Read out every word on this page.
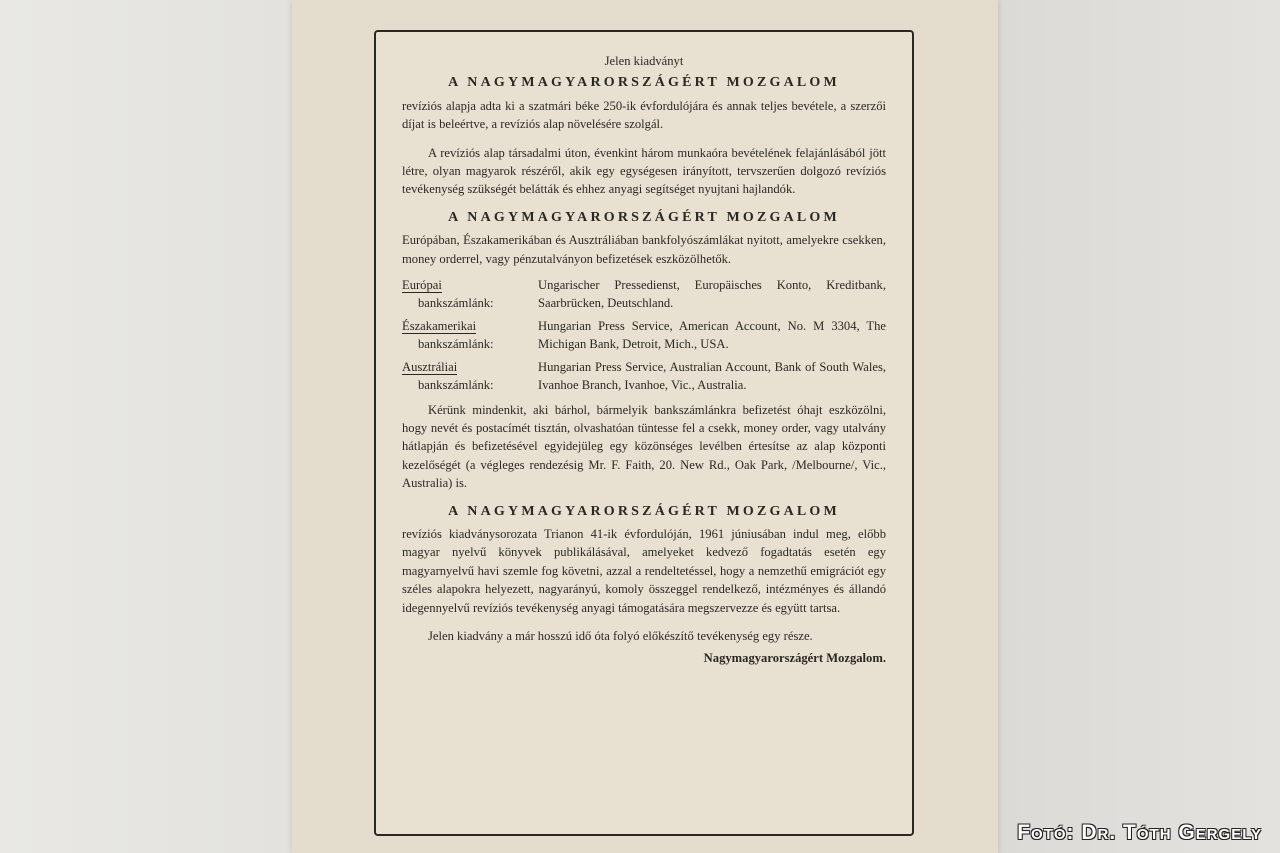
Jelen kiadványt
A NAGYMAGYARORSZÁGÉRT MOZGALOM

revíziós alapja adta ki a szatmári béke 250-ik évfordulójára és annak teljes bevétele, a szerzői díjat is beleértve, a revíziós alap növelésére szolgál.

A revíziós alap társadalmi úton, évenkint három munkaóra bevételének felajánlásából jött létre, olyan magyarok részéről, akik egy egységesen irányított, tervszerűen dolgozó revíziós tevékenység szükségét belátták és ehhez anyagi segítséget nyujtani hajlandók.

A NAGYMAGYARORSZÁGÉRT MOZGALOM

Európában, Északamerikában és Ausztráliában bankfolyószámlákat nyitott, amelyekre csekken, money orderrel, vagy pénzutalványon befizetések eszközölhetők.

Európai
bankszámlánk:
Ungarischer Pressedienst, Europäisches Konto, Kreditbank, Saarbrücken, Deutschland.
Északamerikai
bankszámlánk:
Hungarian Press Service, American Account, No. M 3304, The Michigan Bank, Detroit, Mich., USA.
Ausztráliai
bankszámlánk:
Hungarian Press Service, Australian Account, Bank of South Wales, Ivanhoe Branch, Ivanhoe, Vic., Australia.

Kérünk mindenkit, aki bárhol, bármelyik bankszámlánkra befizetést óhajt eszközölni, hogy nevét és postacímét tisztán, olvashatóan tüntesse fel a csekk, money order, vagy utalvány hátlapján és befizetésével egyidejüleg egy közönséges levélben értesítse az alap központi kezelőségét (a végleges rendezésig Mr. F. Faith, 20. New Rd., Oak Park, /Melbourne/, Vic., Australia) is.

A NAGYMAGYARORSZÁGÉRT MOZGALOM

revíziós kiadványsorozata Trianon 41-ik évfordulóján, 1961 júniusában indul meg, előbb magyar nyelvű könyvek publikálásával, amelyeket kedvező fogadtatás esetén egy magyarnyelvű havi szemle fog követni, azzal a rendeltetéssel, hogy a nemzethű emigrációt egy széles alapokra helyezett, nagyarányú, komoly összeggel rendelkező, intézményes és állandó idegennyelvű revíziós tevékenység anyagi támogatására megszervezze és együtt tartsa.

Jelen kiadvány a már hosszú idő óta folyó előkészítő tevékenység egy része.

Nagymagyarországért Mozgalom.
Fotó: Dr. Tóth Gergely
